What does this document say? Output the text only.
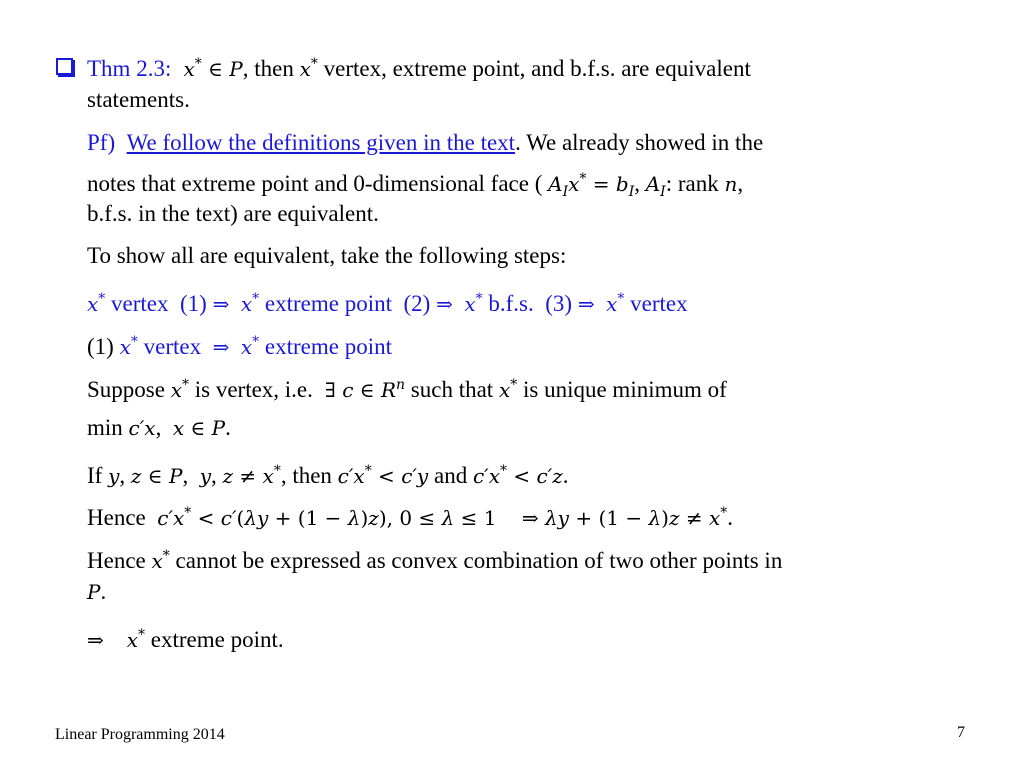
Thm 2.3:  x* ∈ P, then x* vertex, extreme point, and b.f.s. are equivalent
statements.
Pf) We follow the definitions given in the text. We already showed in the
notes that extreme point and 0-dimensional face ( $A_Ix^* = b_I$, $A_I$: rank n,
b.f.s. in the text) are equivalent.
To show all are equivalent, take the following steps:
x* vertex (1) ⇒ x* extreme point (2) ⇒ x* b.f.s. (3) ⇒ x* vertex
(1) x* vertex ⇒ x* extreme point
Suppose x* is vertex, i.e.  ∃ c ∈ $R^n$ such that x* is unique minimum of
min c′x,  x ∈ P.
If y, z ∈ P,  y, z ≠ x*, then c′x* < c′y and c′x* < c′z.
Hence c′x* < c′(λy + (1 − λ)z), 0 ≤ λ ≤ 1    ⇒ λy + (1 − λ)z ≠ x*.
Hence x* cannot be expressed as convex combination of two other points in
P.
⇒ x* extreme point.
Linear Programming 2014	7
